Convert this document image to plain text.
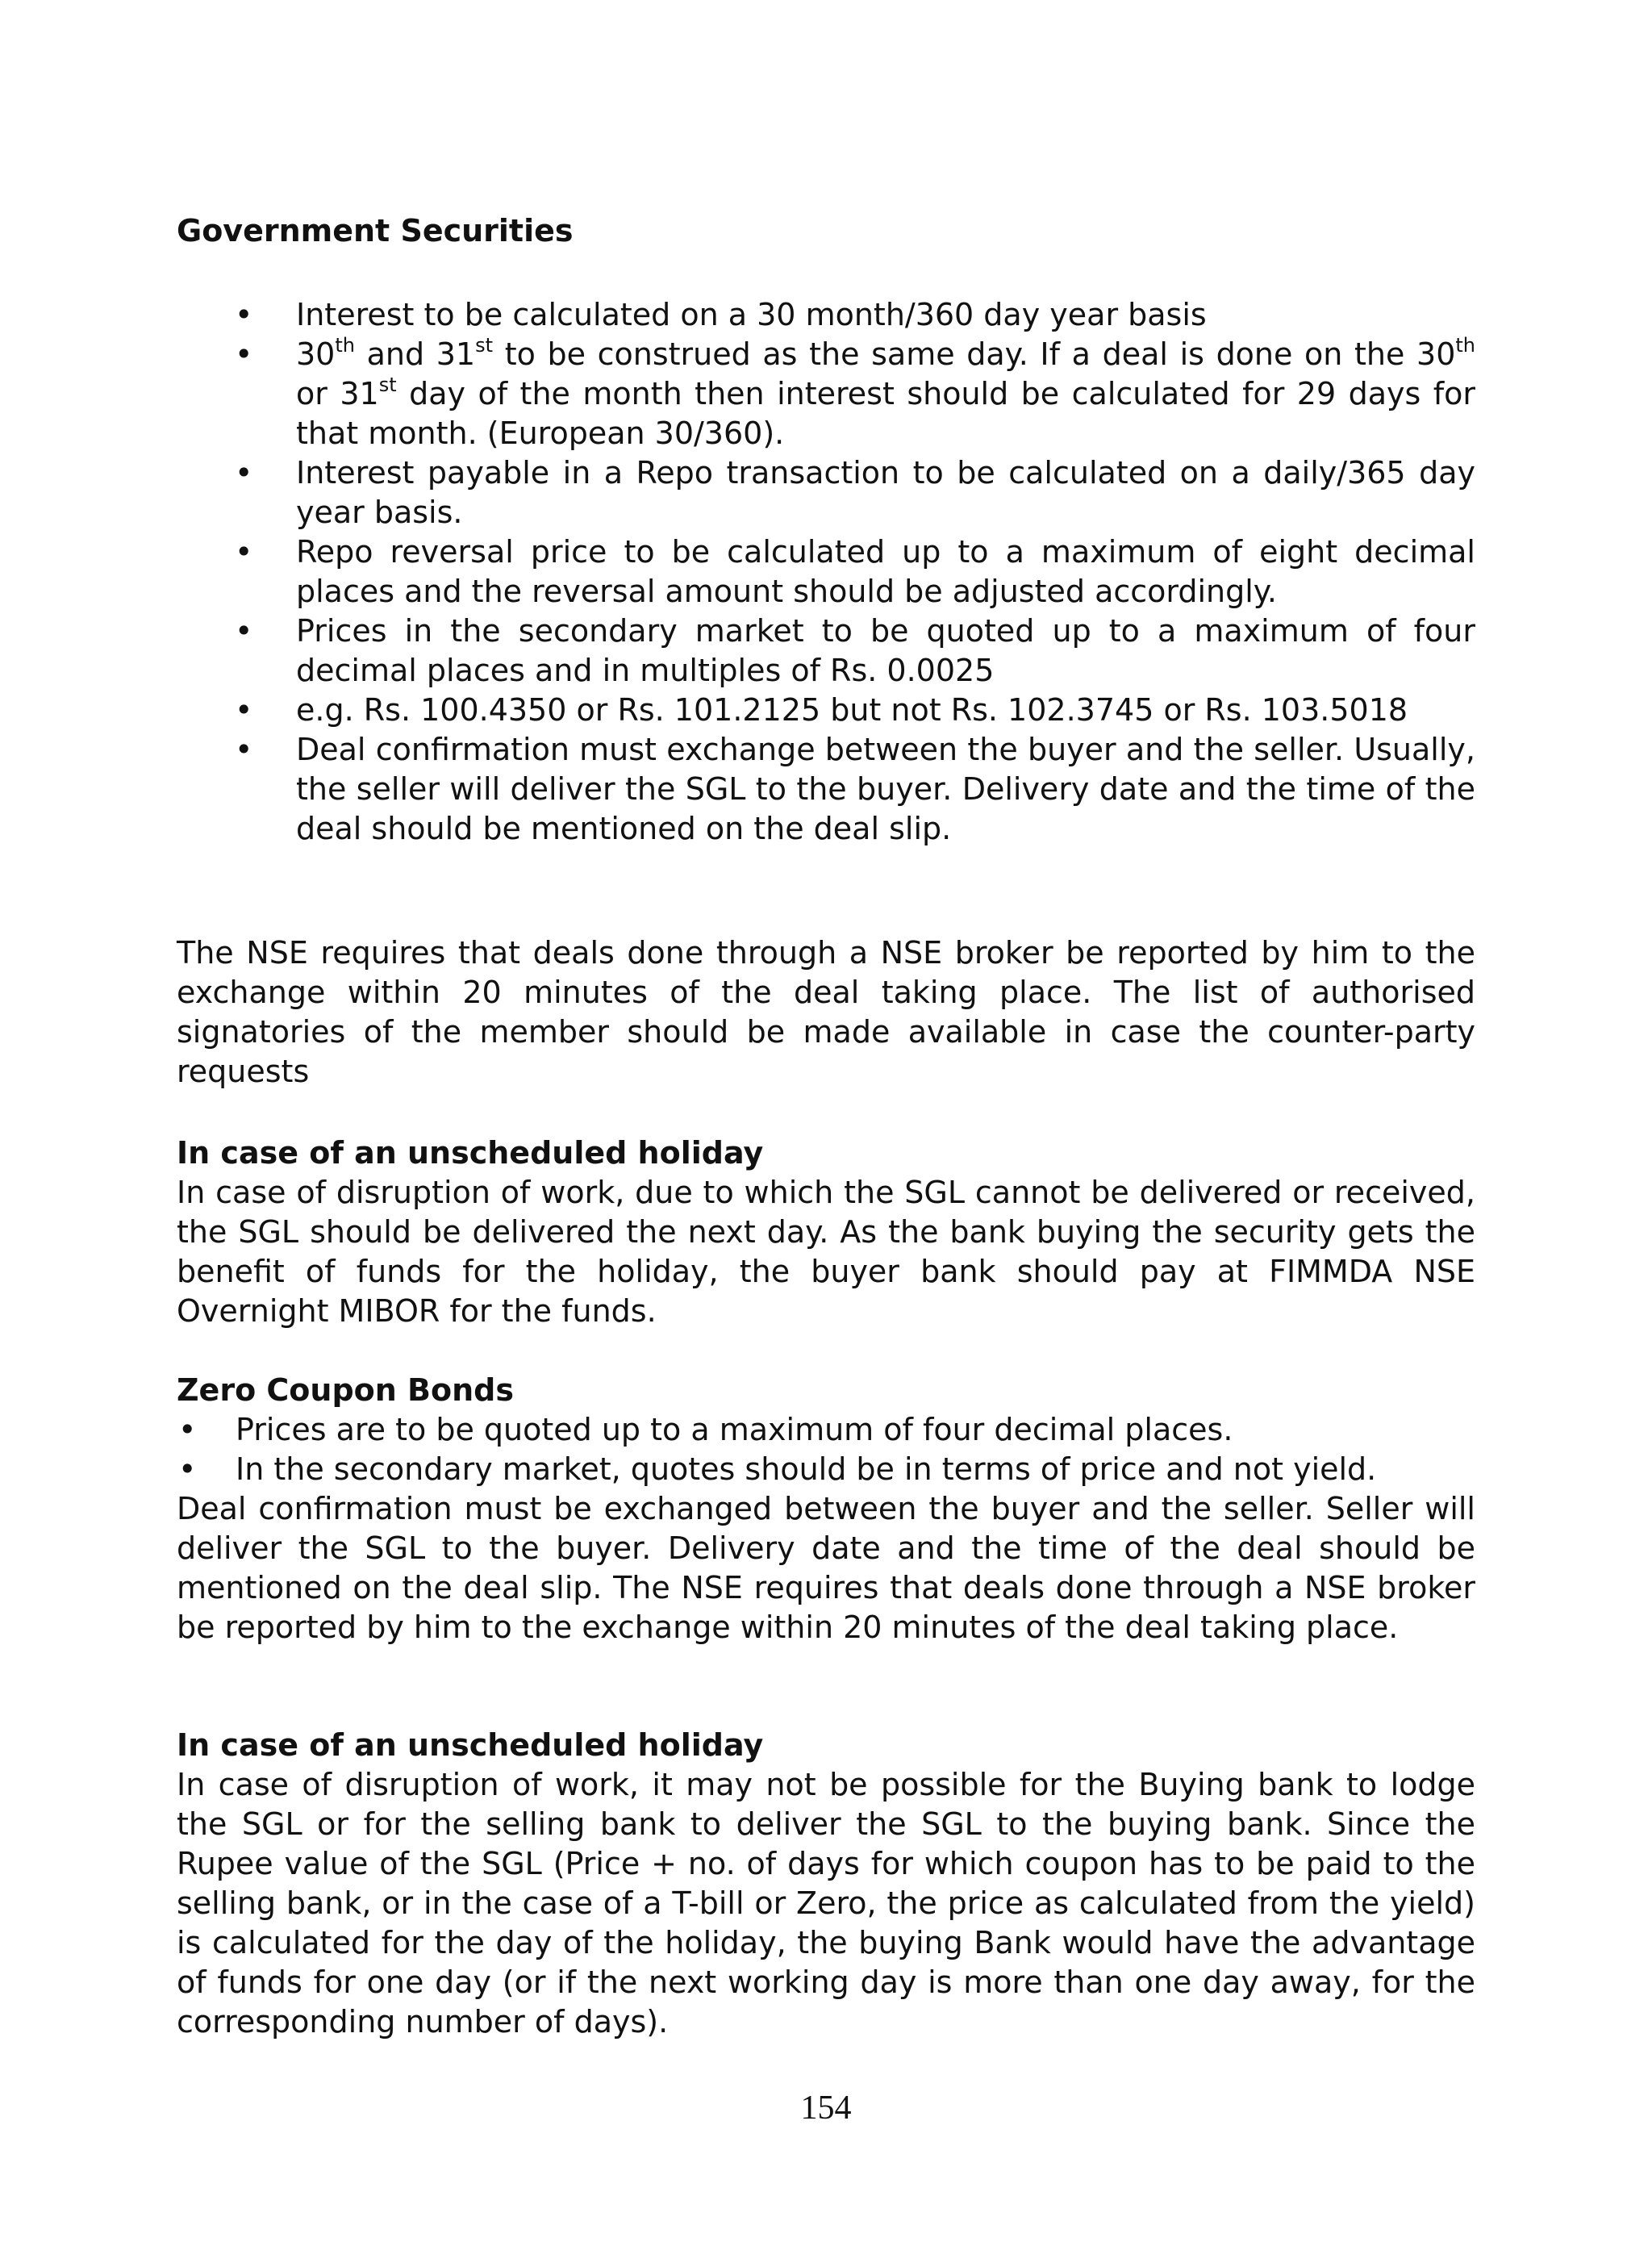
Government Securities
• Interest to be calculated on a 30 month/360 day year basis
• 30th and 31st to be construed as the same day. If a deal is done on the 30th or 31st day of the month then interest should be calculated for 29 days for that month. (European 30/360).
• Interest payable in a Repo transaction to be calculated on a daily/365 day year basis.
• Repo reversal price to be calculated up to a maximum of eight decimal places and the reversal amount should be adjusted accordingly.
• Prices in the secondary market to be quoted up to a maximum of four decimal places and in multiples of Rs. 0.0025
• e.g. Rs. 100.4350 or Rs. 101.2125 but not Rs. 102.3745 or Rs. 103.5018
• Deal confirmation must exchange between the buyer and the seller. Usually, the seller will deliver the SGL to the buyer. Delivery date and the time of the deal should be mentioned on the deal slip.
The NSE requires that deals done through a NSE broker be reported by him to the exchange within 20 minutes of the deal taking place. The list of authorised signatories of the member should be made available in case the counter-party requests
In case of an unscheduled holiday
In case of disruption of work, due to which the SGL cannot be delivered or received, the SGL should be delivered the next day. As the bank buying the security gets the benefit of funds for the holiday, the buyer bank should pay at FIMMDA NSE Overnight MIBOR for the funds.
Zero Coupon Bonds
• Prices are to be quoted up to a maximum of four decimal places.
• In the secondary market, quotes should be in terms of price and not yield.
Deal confirmation must be exchanged between the buyer and the seller. Seller will deliver the SGL to the buyer. Delivery date and the time of the deal should be mentioned on the deal slip. The NSE requires that deals done through a NSE broker be reported by him to the exchange within 20 minutes of the deal taking place.
In case of an unscheduled holiday
In case of disruption of work, it may not be possible for the Buying bank to lodge the SGL or for the selling bank to deliver the SGL to the buying bank. Since the Rupee value of the SGL (Price + no. of days for which coupon has to be paid to the selling bank, or in the case of a T-bill or Zero, the price as calculated from the yield) is calculated for the day of the holiday, the buying Bank would have the advantage of funds for one day (or if the next working day is more than one day away, for the corresponding number of days).
154
